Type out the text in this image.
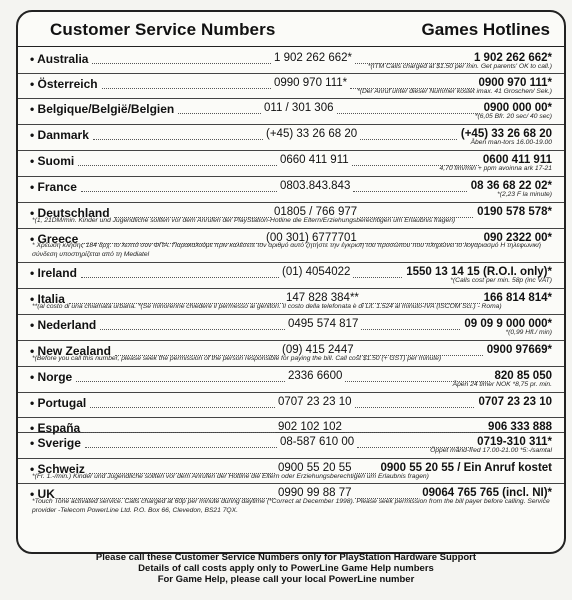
Customer Service Numbers	Games Hotlines
• Australia	1 902 262 662*	1 902 262 662*
*(ITM Calls charged at $1.50 per min. Get parents' OK to call.)
• Österreich	0990 970 111*	0900 970 111*
*(Der Anruf unter dieser Nummer kostet imax. 41 Groschen/ Sek.)
• Belgique/België/Belgien	011 / 301 306	0900 000 00*
*(6,05 Bfr. 20 sec/ 40 sec)
• Danmark	(+45) 33 26 68 20	(+45) 33 26 68 20
Åben man-tors 16.00-19.00
• Suomi	0660 411 911	0600 411 911
4,70 fim/min + ppm avoinna ark 17-21
• France	0803.843.843	08 36 68 22 02*
*(2,23 F la minute)
• Deutschland	01805 / 766 977	0190 578 578*
*(1, 21DM/min. Kinder und Jugendliche sollten vor dem Anrufen der PlayStation-Hotline die Eltern/Erziehungsberechtigen um Erlaubnis fragen)
• Greece	(00 301) 6777701	090 2322 00*
* Χρέωση κλήσης 184 δρχ. το λεπτό συν ΦΠΑ. Παρακαλούμε πριν καλέσετε τον αριθμό αυτό ζητήστε την έγκριση του προσώπου που πληρώνει το λογαριασμό Η τηλεφωνική σύνδεση υποστηρίζεται από τη Mediatel
• Ireland	(01) 4054022	1550 13 14 15 (R.O.I. only)*
*(Calls cost per min. 58p (inc VAT)
• Italia	147 828 384**	166 814 814*
**(al costo di una chiamata urbana. *(Se minorenne chiedere il permesso ai genitori. Il costo della telefonata è di Lit. 1.524 al minuto-IVA (ISCOM Sci.) - Roma)
• Nederland	0495 574 817	09 09 9 000 000*
*(0,99 Hfl./ min)
• New Zealand	(09) 415 2447	0900 97669*
*(Before you call this number, please seek the permission of the person responsible for paying the bill. Call cost $1.50 (+ GST) per minute)
• Norge	2336 6600	820 85 050
Åpen 24 timer NOK *8,75 pr. min.
• Portugal	0707 23 23 10	0707 23 23 10
• España	902 102 102	906 333 888
• Sverige	08-587 610 00	0719-310 311*
Öppet månd-fred 17.00-21.00 *5:-/samtal
• Schweiz	0900 55 20 55	0900 55 20 55 / Ein Anruf kostet
*(Fr. 1.-/min.) Kinder und Jugendliche sollten vor dem Anrufen der Hotline die Eltern oder Erziehungsberechtigen um Erlaubnis fragen)
• UK	0990 99 88 77	09064 765 765 (incl. NI)*
*Touch Tone activated service. Calls charged at 60p per minute during daytime (*Correct at December 1998). Please seek permission from the bill payer before calling. Service provider -Telecom PowerLine Ltd. P.O. Box 66, Clevedon, BS21 7QX.
Please call these Customer Service Numbers only for PlayStation Hardware Support
Details of call costs apply only to PowerLine Game Help numbers
For Game Help, please call your local PowerLine number
